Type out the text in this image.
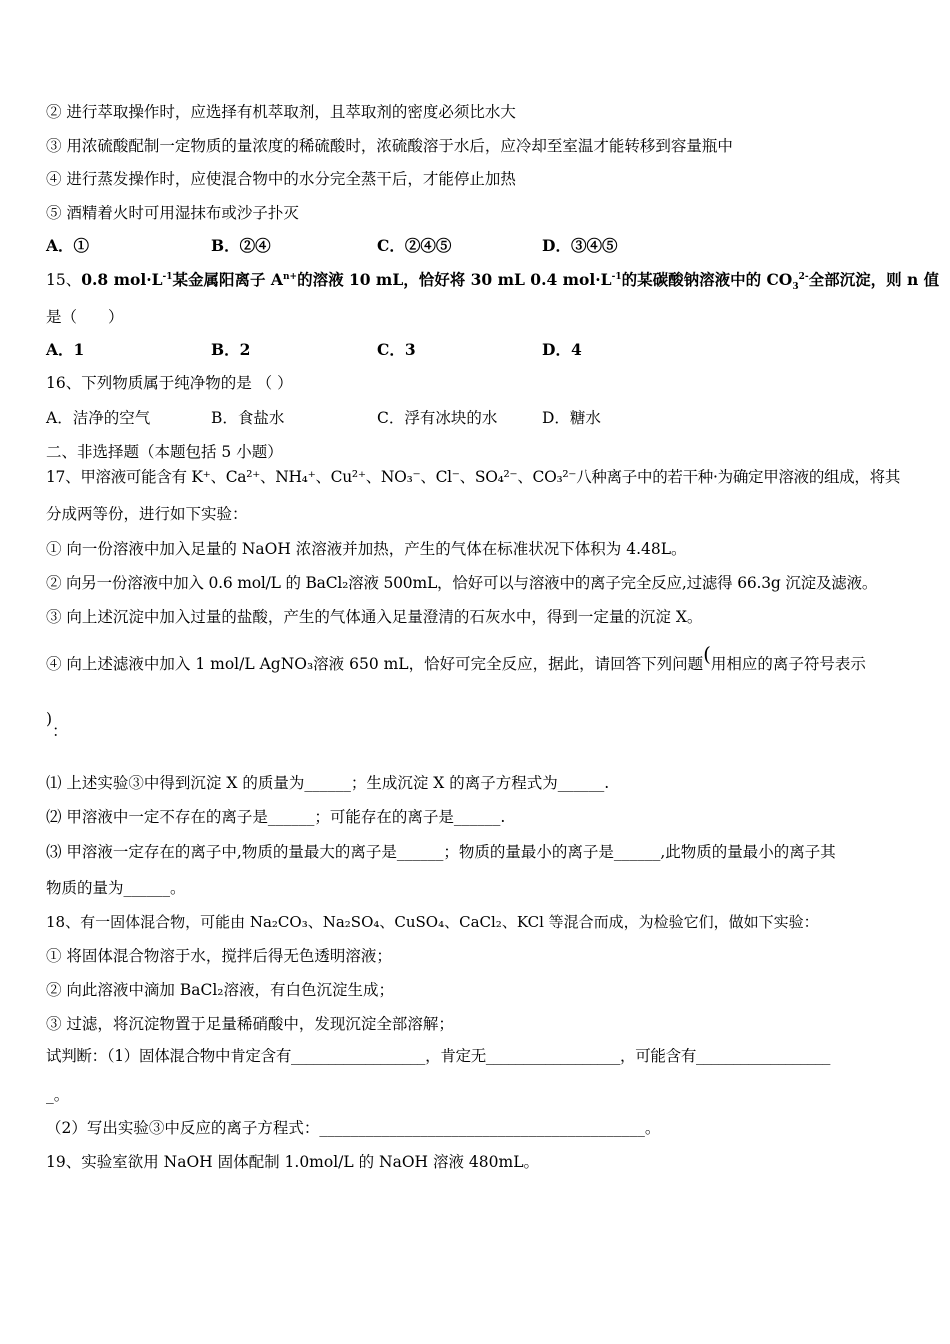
② 进行萃取操作时，应选择有机萃取剂，且萃取剂的密度必须比水大
③ 用浓硫酸配制一定物质的量浓度的稀硫酸时，浓硫酸溶于水后，应冷却至室温才能转移到容量瓶中
④ 进行蒸发操作时，应使混合物中的水分完全蒸干后，才能停止加热
⑤ 酒精着火时可用湿抹布或沙子扑灭
A．①	B．②④	C．②④⑤	D．③④⑤
15、0.8 $mol\cdot L^{-1}$某金属阳离子 $A^{n+}$的溶液 10 mL，恰好将 30 mL 0.4 $mol\cdot L^{-1}$的某碳酸钠溶液中的 $CO_3^{2-}$全部沉淀，则 n 值
是（　　）
A．1	B．2	C．3	D．4
16、下列物质属于纯净物的是 （ ）
A．洁净的空气	B．食盐水	C．浮有冰块的水	D．糖水
二、非选择题（本题包括 5 小题）
17、甲溶液可能含有 K⁺、Ca²⁺、NH₄⁺、Cu²⁺、NO₃⁻、Cl⁻、SO₄²⁻、CO₃²⁻八种离子中的若干种·为确定甲溶液的组成，将其
分成两等份，进行如下实验：
① 向一份溶液中加入足量的 NaOH 浓溶液并加热，产生的气体在标准状况下体积为 4.48L。
② 向另一份溶液中加入 0.6 mol/L 的 BaCl₂溶液 500mL，恰好可以与溶液中的离子完全反应,过滤得 66.3g 沉淀及滤液。
③ 向上述沉淀中加入过量的盐酸，产生的气体通入足量澄清的石灰水中，得到一定量的沉淀 X。
④ 向上述滤液中加入 1 mol/L AgNO₃溶液 650 mL，恰好可完全反应，据此，请回答下列问题(用相应的离子符号表示
)：
⑴ 上述实验③中得到沉淀 X 的质量为______；生成沉淀 X 的离子方程式为______.
⑵ 甲溶液中一定不存在的离子是______；可能存在的离子是______.
⑶ 甲溶液一定存在的离子中,物质的量最大的离子是______；物质的量最小的离子是______,此物质的量最小的离子其
物质的量为______。
18、有一固体混合物，可能由 Na₂CO₃、Na₂SO₄、CuSO₄、CaCl₂、KCl 等混合而成，为检验它们，做如下实验：
① 将固体混合物溶于水，搅拌后得无色透明溶液；
② 向此溶液中滴加 BaCl₂溶液，有白色沉淀生成；
③ 过滤，将沉淀物置于足量稀硝酸中，发现沉淀全部溶解；
试判断：（1）固体混合物中肯定含有__________________，肯定无__________________，可能含有__________________
_。
（2）写出实验③中反应的离子方程式：__________________________________________。
19、实验室欲用 NaOH 固体配制 1.0mol/L 的 NaOH 溶液 480mL。
